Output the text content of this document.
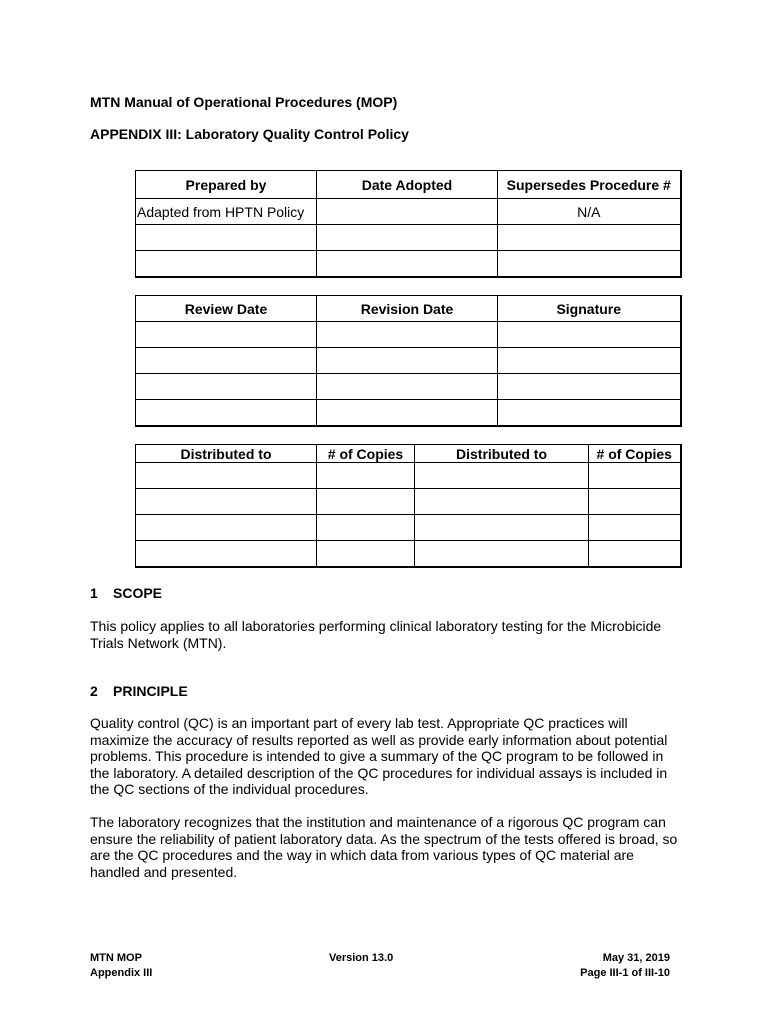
MTN Manual of Operational Procedures (MOP)
APPENDIX III: Laboratory Quality Control Policy
Prepared by	Date Adopted	Supersedes Procedure #
Adapted from HPTN Policy		N/A

Review Date	Revision Date	Signature

Distributed to	# of Copies	Distributed to	# of Copies

1 SCOPE
This policy applies to all laboratories performing clinical laboratory testing for the Microbicide Trials Network (MTN).
2 PRINCIPLE
Quality control (QC) is an important part of every lab test. Appropriate QC practices will maximize the accuracy of results reported as well as provide early information about potential problems. This procedure is intended to give a summary of the QC program to be followed in the laboratory. A detailed description of the QC procedures for individual assays is included in the QC sections of the individual procedures.
The laboratory recognizes that the institution and maintenance of a rigorous QC program can ensure the reliability of patient laboratory data. As the spectrum of the tests offered is broad, so are the QC procedures and the way in which data from various types of QC material are handled and presented.
MTN MOP
Appendix III
Version 13.0	May 31, 2019
Page III-1 of III-10
